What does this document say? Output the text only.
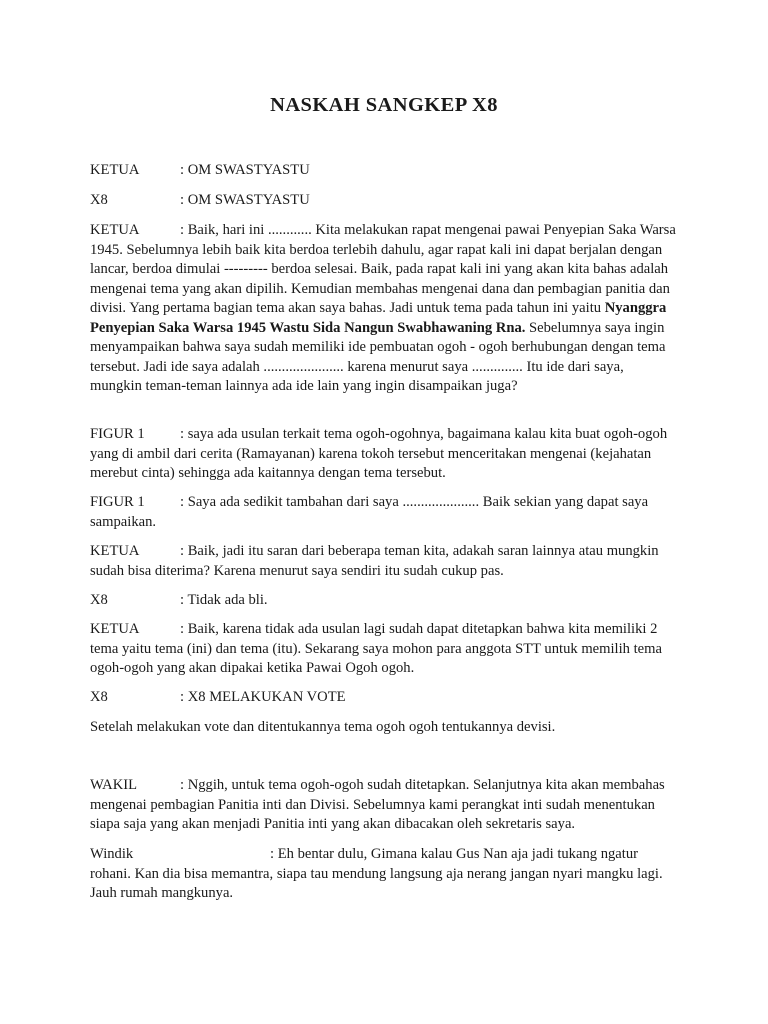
NASKAH SANGKEP X8
KETUA	: OM SWASTYASTU
X8	: OM SWASTYASTU
KETUA	: Baik, hari ini ............ Kita melakukan rapat mengenai pawai Penyepian Saka Warsa 1945. Sebelumnya lebih baik kita berdoa terlebih dahulu, agar rapat kali ini dapat berjalan dengan lancar, berdoa dimulai --------- berdoa selesai. Baik, pada rapat kali ini yang akan kita bahas adalah mengenai tema yang akan dipilih. Kemudian membahas mengenai dana dan pembagian panitia dan divisi. Yang pertama bagian tema akan saya bahas. Jadi untuk tema pada tahun ini yaitu Nyanggra Penyepian Saka Warsa 1945 Wastu Sida Nangun Swabhawaning Rna. Sebelumnya saya ingin menyampaikan bahwa saya sudah memiliki ide pembuatan ogoh - ogoh berhubungan dengan tema tersebut. Jadi ide saya adalah ...................... karena menurut saya .............. Itu ide dari saya, mungkin teman-teman lainnya ada ide lain yang ingin disampaikan juga?
FIGUR 1 : saya ada usulan terkait tema ogoh-ogohnya, bagaimana kalau kita buat ogoh-ogoh yang di ambil dari cerita (Ramayanan) karena tokoh tersebut menceritakan mengenai (kejahatan merebut cinta) sehingga ada kaitannya dengan tema tersebut.
FIGUR 1 : Saya ada sedikit tambahan dari saya ..................... Baik sekian yang dapat saya sampaikan.
KETUA	: Baik, jadi itu saran dari beberapa teman kita, adakah saran lainnya atau mungkin sudah bisa diterima? Karena menurut saya sendiri itu sudah cukup pas.
X8	: Tidak ada bli.
KETUA	: Baik, karena tidak ada usulan lagi sudah dapat ditetapkan bahwa kita memiliki 2 tema yaitu tema (ini) dan tema (itu). Sekarang saya mohon para anggota STT untuk memilih tema ogoh-ogoh yang akan dipakai ketika Pawai Ogoh ogoh.
X8	: X8 MELAKUKAN VOTE
Setelah melakukan vote dan ditentukannya tema ogoh ogoh tentukannya devisi.
WAKIL	: Nggih, untuk tema ogoh-ogoh sudah ditetapkan. Selanjutnya kita akan membahas mengenai pembagian Panitia inti dan Divisi. Sebelumnya kami perangkat inti sudah menentukan siapa saja yang akan menjadi Panitia inti yang akan dibacakan oleh sekretaris saya.
Windik	: Eh bentar dulu, Gimana kalau Gus Nan aja jadi tukang ngatur rohani. Kan dia bisa memantra, siapa tau mendung langsung aja nerang jangan nyari mangku lagi. Jauh rumah mangkunya.
